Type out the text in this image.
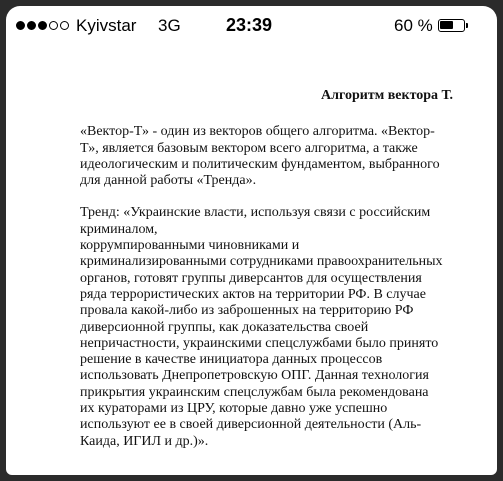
Kyivstar 3G	23:39	60 %

Алгоритм вектора Т.

«Вектор-Т» - один из векторов общего алгоритма. «Вектор-
Т», является базовым вектором всего алгоритма, а также
идеологическим и политическим фундаментом, выбранного
для данной работы «Тренда».

Тренд: «Украинские власти, используя связи с российским
криминалом,
коррумпированными чиновниками и
криминализированными сотрудниками правоохранительных
органов, готовят группы диверсантов для осуществления
ряда террористических актов на территории РФ. В случае
провала какой-либо из заброшенных на территорию РФ
диверсионной группы, как доказательства своей
непричастности, украинскими спецслужбами было принято
решение в качестве инициатора данных процессов
использовать Днепропетровскую ОПГ. Данная технология
прикрытия украинским спецслужбам была рекомендована
их кураторами из ЦРУ, которые давно уже успешно
используют ее в своей диверсионной деятельности (Аль-
Каида, ИГИЛ и др.)».
